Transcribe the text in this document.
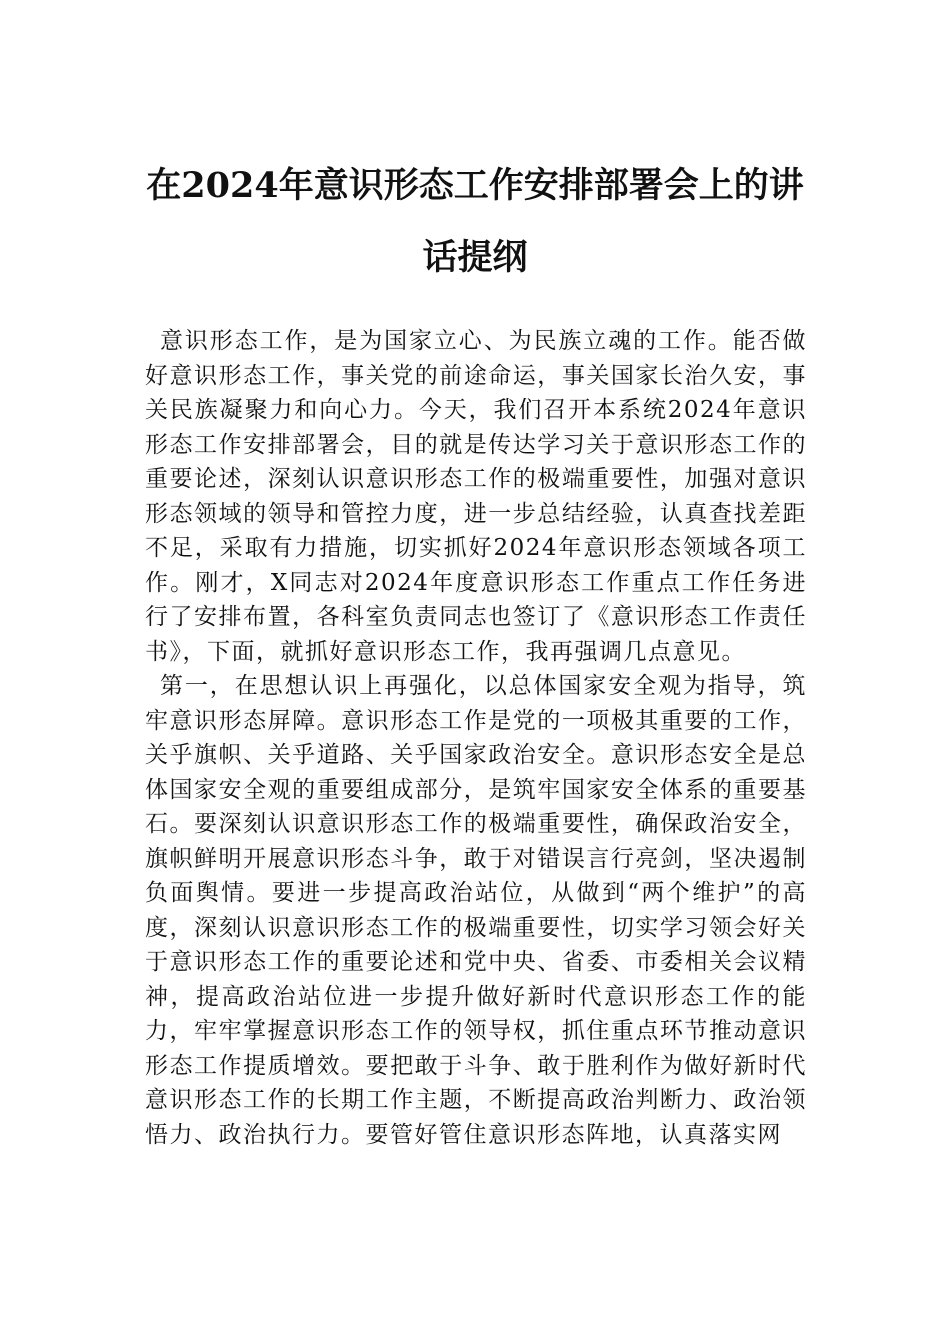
在2024年意识形态工作安排部署会上的讲话提纲

意识形态工作，是为国家立心、为民族立魂的工作。能否做好意识形态工作，事关党的前途命运，事关国家长治久安，事关民族凝聚力和向心力。今天，我们召开本系统2024年意识形态工作安排部署会，目的就是传达学习关于意识形态工作的重要论述，深刻认识意识形态工作的极端重要性，加强对意识形态领域的领导和管控力度，进一步总结经验，认真查找差距不足，采取有力措施，切实抓好2024年意识形态领域各项工作。刚才，X同志对2024年度意识形态工作重点工作任务进行了安排布置，各科室负责同志也签订了《意识形态工作责任书》，下面，就抓好意识形态工作，我再强调几点意见。

第一，在思想认识上再强化，以总体国家安全观为指导，筑牢意识形态屏障。意识形态工作是党的一项极其重要的工作，关乎旗帜、关乎道路、关乎国家政治安全。意识形态安全是总体国家安全观的重要组成部分，是筑牢国家安全体系的重要基石。要深刻认识意识形态工作的极端重要性，确保政治安全，旗帜鲜明开展意识形态斗争，敢于对错误言行亮剑，坚决遏制负面舆情。要进一步提高政治站位，从做到“两个维护”的高度，深刻认识意识形态工作的极端重要性，切实学习领会好关于意识形态工作的重要论述和党中央、省委、市委相关会议精神，提高政治站位进一步提升做好新时代意识形态工作的能力，牢牢掌握意识形态工作的领导权，抓住重点环节推动意识形态工作提质增效。要把敢于斗争、敢于胜利作为做好新时代意识形态工作的长期工作主题，不断提高政治判断力、政治领悟力、政治执行力。要管好管住意识形态阵地，认真落实网
